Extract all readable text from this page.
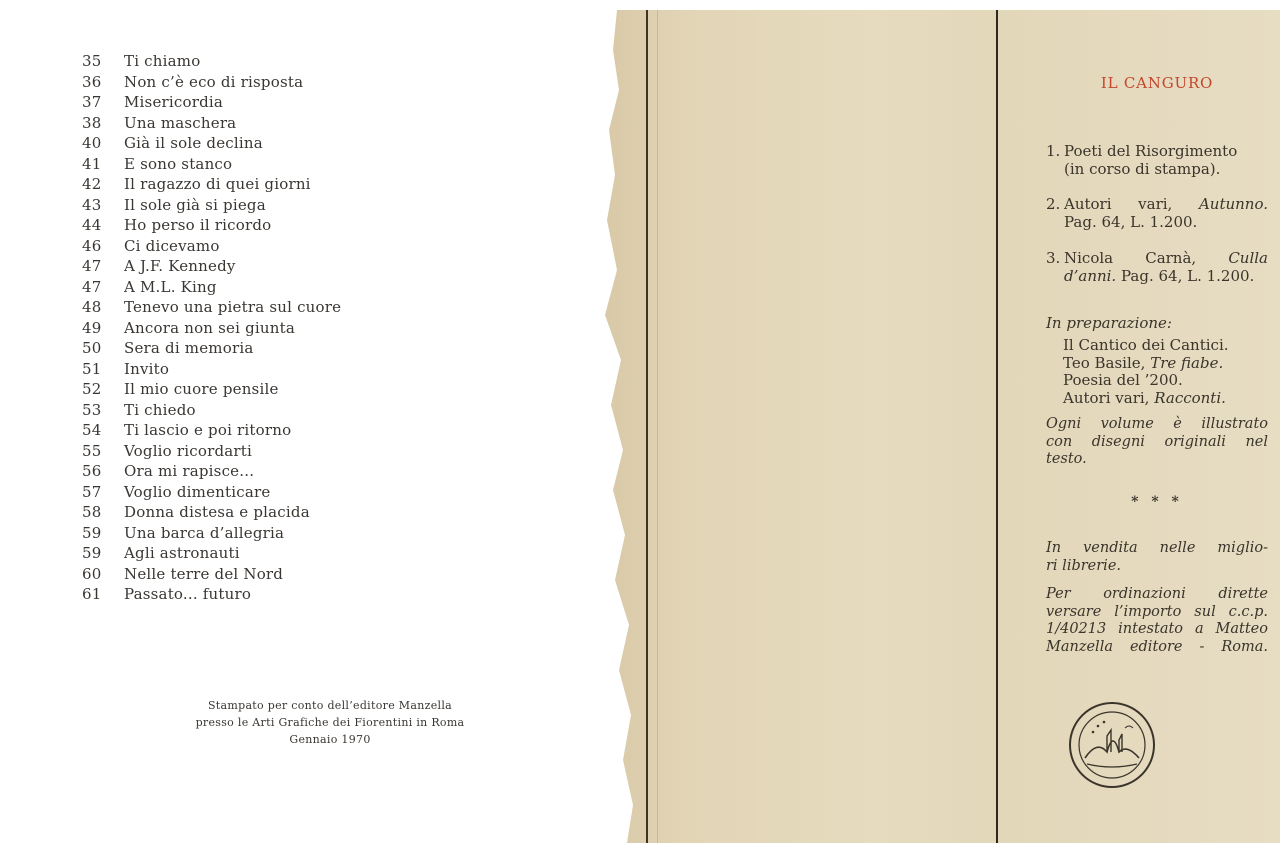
35	Ti chiamo
36	Non c’è eco di risposta
37	Misericordia
38	Una maschera
40	Già il sole declina
41	E sono stanco
42	Il ragazzo di quei giorni
43	Il sole già si piega
44	Ho perso il ricordo
46	Ci dicevamo
47	A J.F. Kennedy
47	A M.L. King
48	Tenevo una pietra sul cuore
49	Ancora non sei giunta
50	Sera di memoria
51	Invito
52	Il mio cuore pensile
53	Ti chiedo
54	Ti lascio e poi ritorno
55	Voglio ricordarti
56	Ora mi rapisce...
57	Voglio dimenticare
58	Donna distesa e placida
59	Una barca d’allegria
59	Agli astronauti
60	Nelle terre del Nord
61	Passato... futuro
Stampato per conto dell’editore Manzella
presso le Arti Grafiche dei Fiorentini in Roma
Gennaio 1970
IL CANGURO
1. Poeti del Risorgimento
(in corso di stampa).
2. Autori vari, Autunno.
Pag. 64, L. 1.200.
3. Nicola Carnà, Culla
d’anni. Pag. 64, L. 1.200.
In preparazione:
Il Cantico dei Cantici.
Teo Basile, Tre fiabe.
Poesia del ’200.
Autori vari, Racconti.
Ogni volume è illustrato
con disegni originali nel
testo.
* * *
In vendita nelle miglio-
ri librerie.
Per ordinazioni dirette
versare l’importo sul c.c.p.
1/40213 intestato a Matteo
Manzella editore - Roma.
